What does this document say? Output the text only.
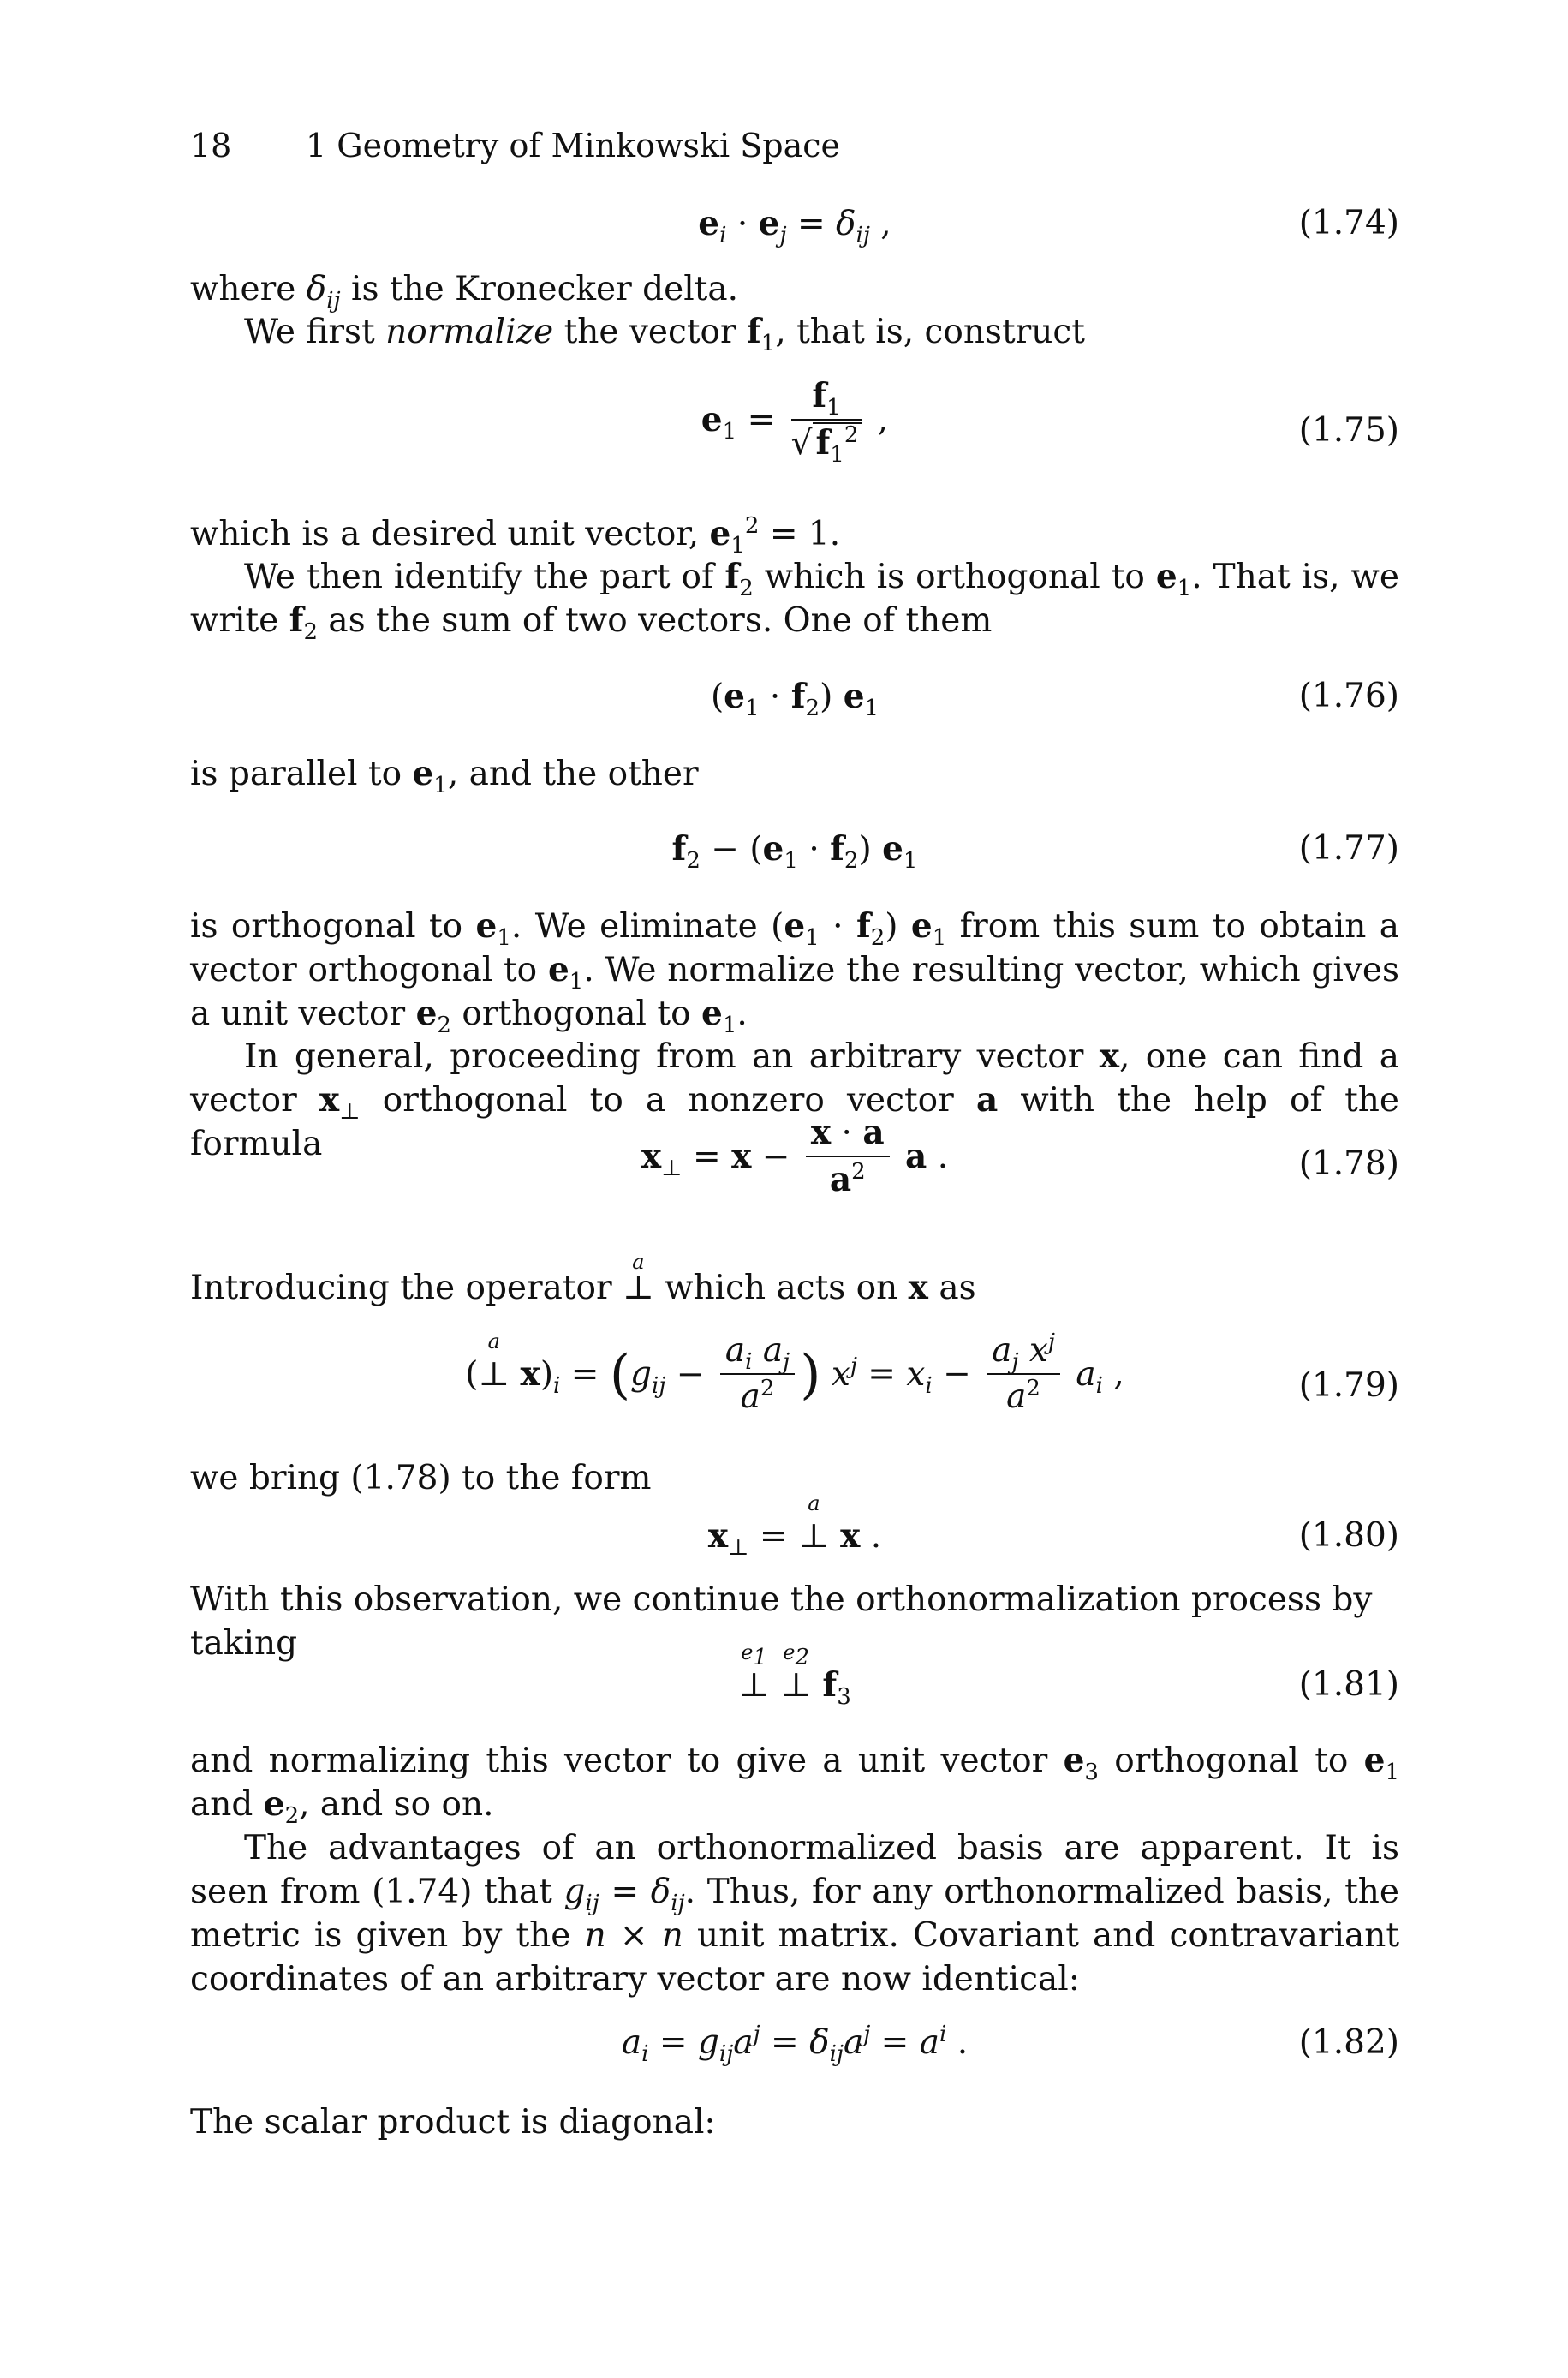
18 1 Geometry of Minkowski Space
$e_i \cdot e_j = \delta_{ij}$ ,	(1.74)
where $\delta_{ij}$ is the Kronecker delta.
We first normalize the vector $f_1$, that is, construct
$e_1 = \frac{f_1}{√ f_1^2}$ ,	(1.75)
which is a desired unit vector, $e_1^2 = 1$.
We then identify the part of $f_2$ which is orthogonal to $e_1$. That is, we write $f_2$ as the sum of two vectors. One of them
$(e_1 \cdot f_2)$ $e_1$	(1.76)
is parallel to $e_1$, and the other
$f_2 - (e_1 \cdot f_2)$ $e_1$	(1.77)
is orthogonal to $e_1$. We eliminate $(e_1 \cdot f_2)$ $e_1$ from this sum to obtain a vector orthogonal to $e_1$. We normalize the resulting vector, which gives a unit vector $e_2$ orthogonal to $e_1$.
In general, proceeding from an arbitrary vector x, one can find a vector $x_\perp$ orthogonal to a nonzero vector a with the help of the formula	$x_\perp = x - \frac{x \cdot a}{a^2}$ a .	(1.78)
Introducing the operator
a
⊥ which acts on x as
(
a
⊥ $x)_i = (g_{ij} - \frac{a_i a_j}{a^2}$ ) $x^j = x_i - \frac{a_j x^j}{a^2} a_i$ ,	(1.79)
we bring (1.78) to the form
$x_\perp$ =
a
⊥ x .	(1.80)
With this observation, we continue the orthonormalization process by taking	$e_1$
⊥
$e_2$
⊥ $f_3$	(1.81)
and normalizing this vector to give a unit vector $e_3$ orthogonal to $e_1$ and $e_2$, and so on.
The advantages of an orthonormalized basis are apparent. It is seen from (1.74) that $g_{ij} = \delta_{ij}$. Thus, for any orthonormalized basis, the metric is given by the n × n unit matrix. Covariant and contravariant coordinates of an arbitrary vector are now identical:
$a_i = g_{ij}a^j = \delta_{ij}a^j = a^i$ .	(1.82)
The scalar product is diagonal:
